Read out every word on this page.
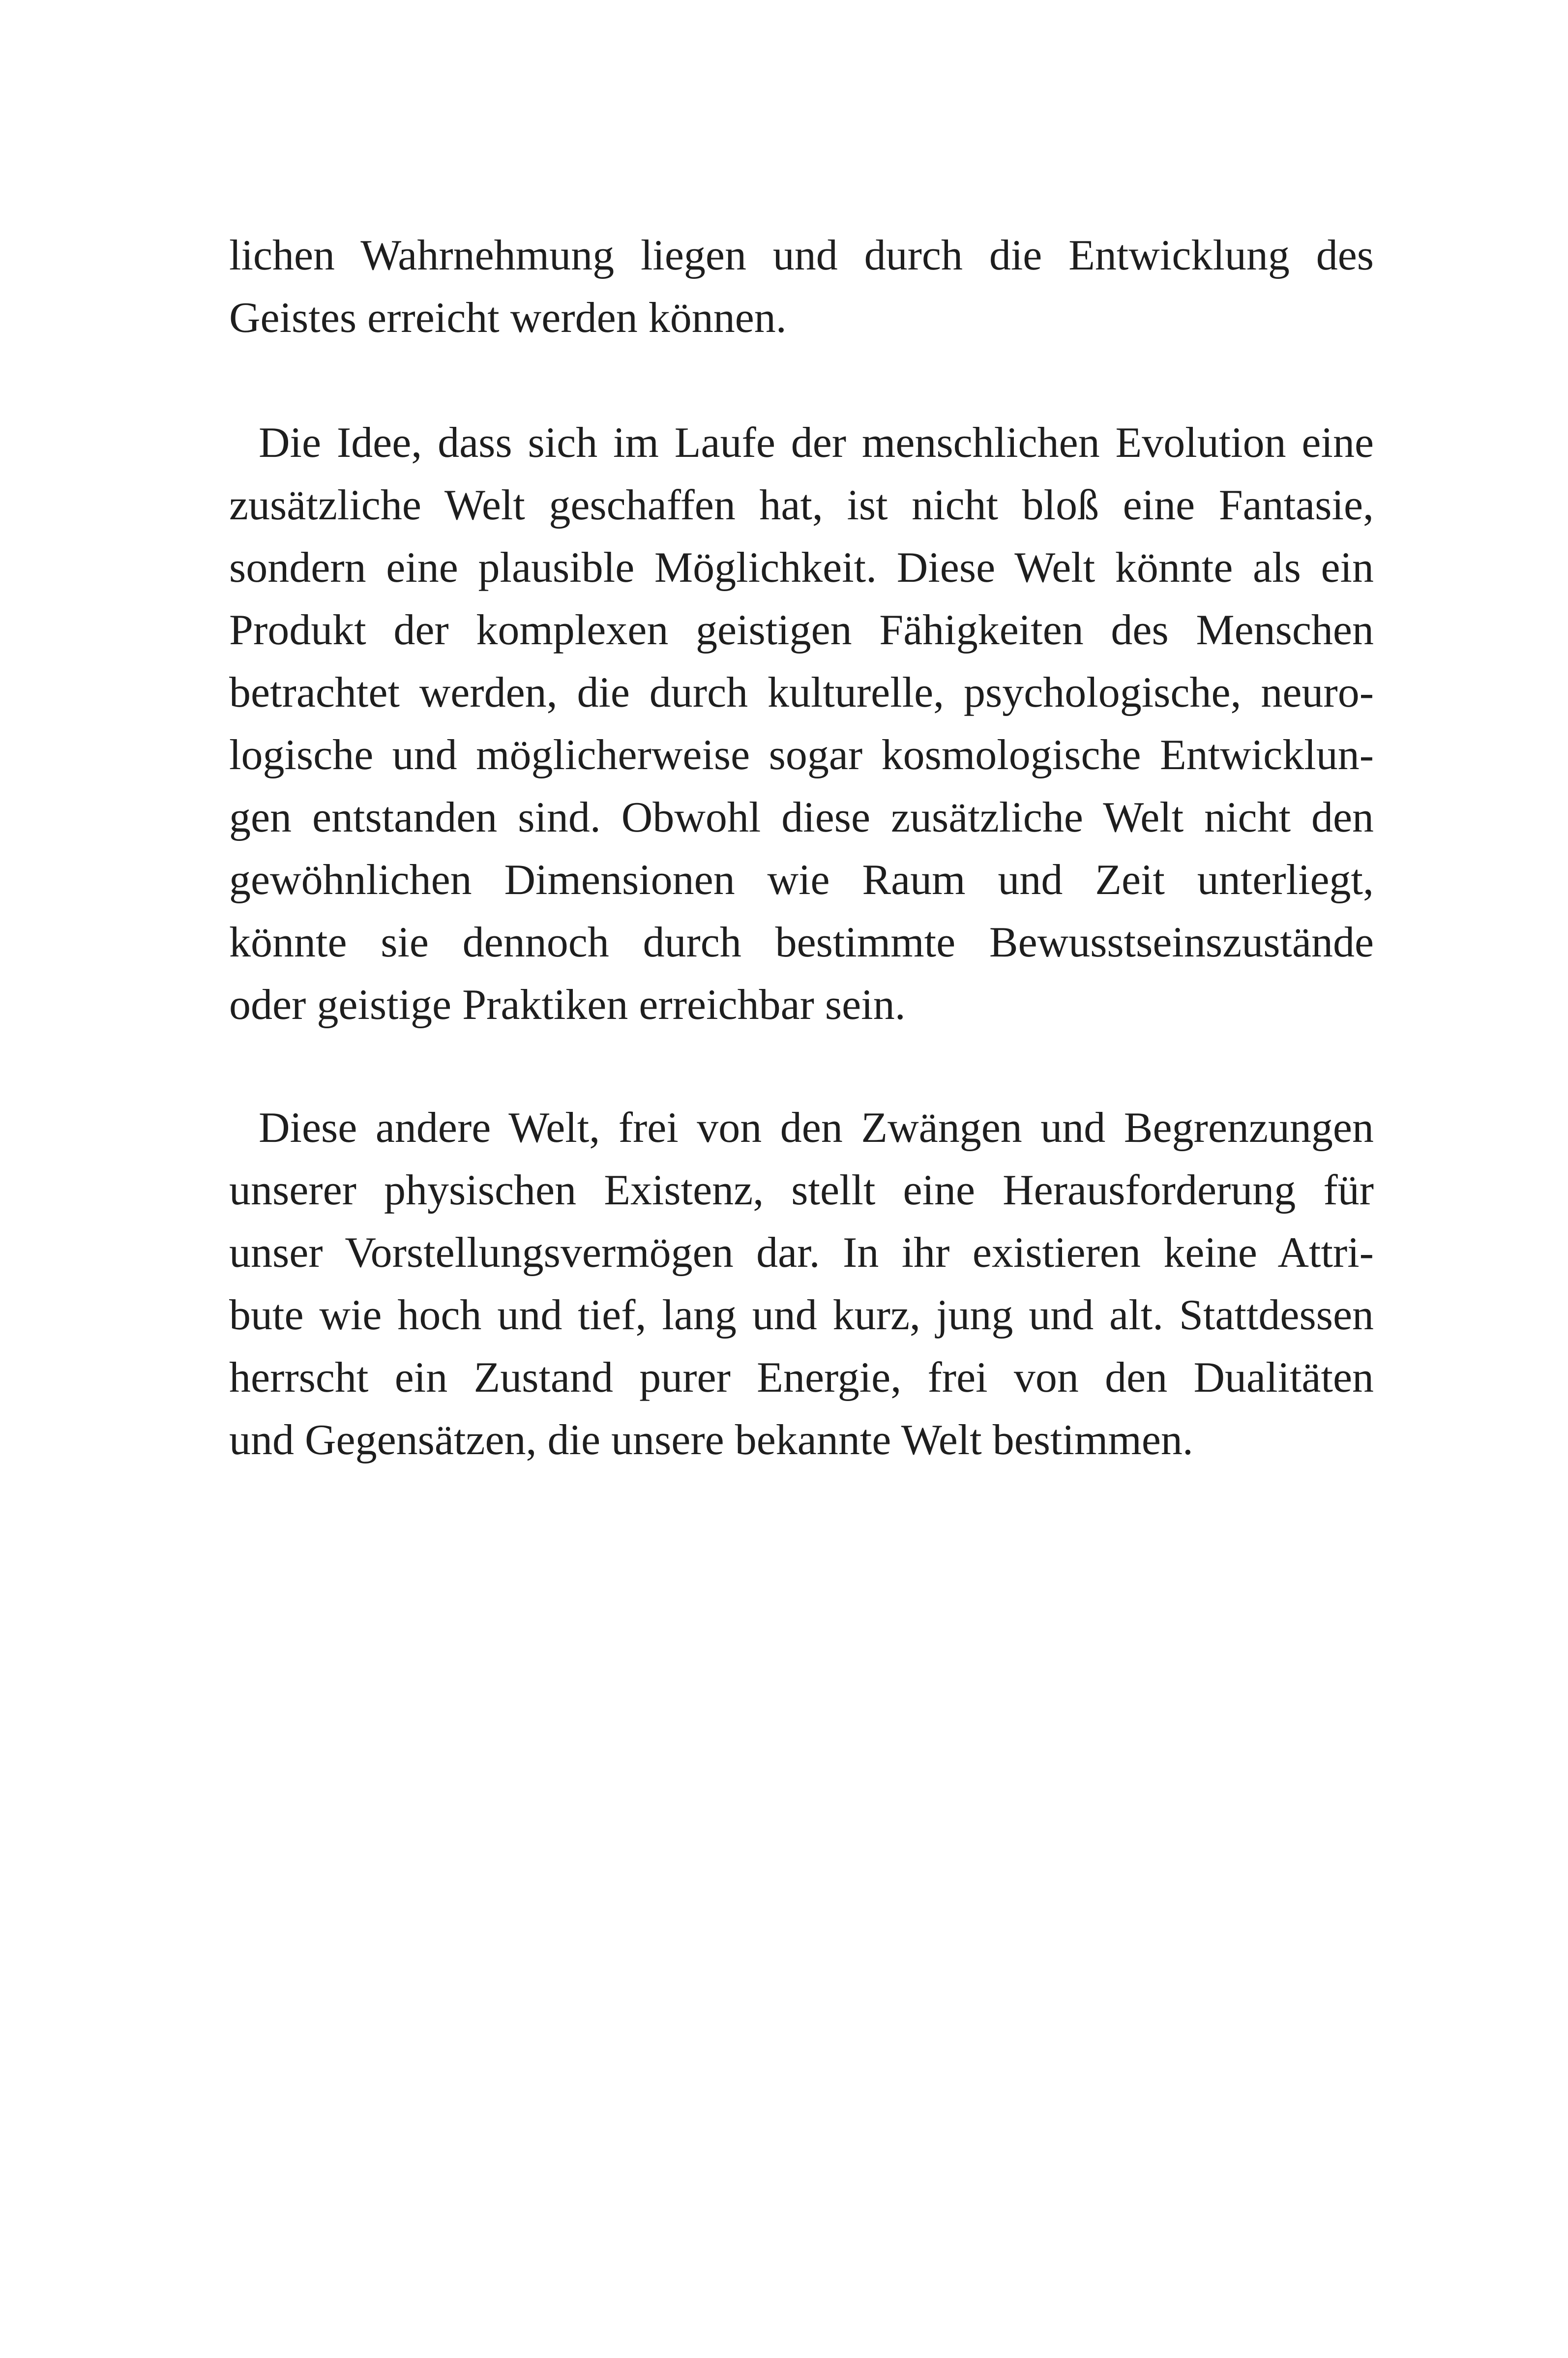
lichen Wahrnehmung liegen und durch die Entwicklung des
Geistes erreicht werden können.
Die Idee, dass sich im Laufe der menschlichen Evolution eine
zusätzliche Welt geschaffen hat, ist nicht bloß eine Fantasie,
sondern eine plausible Möglichkeit. Diese Welt könnte als ein
Produkt der komplexen geistigen Fähigkeiten des Menschen
betrachtet werden, die durch kulturelle, psychologische, neuro-
logische und möglicherweise sogar kosmologische Entwicklun-
gen entstanden sind. Obwohl diese zusätzliche Welt nicht den
gewöhnlichen Dimensionen wie Raum und Zeit unterliegt,
könnte sie dennoch durch bestimmte Bewusstseinszustände
oder geistige Praktiken erreichbar sein.
Diese andere Welt, frei von den Zwängen und Begrenzungen
unserer physischen Existenz, stellt eine Herausforderung für
unser Vorstellungsvermögen dar. In ihr existieren keine Attri-
bute wie hoch und tief, lang und kurz, jung und alt. Stattdessen
herrscht ein Zustand purer Energie, frei von den Dualitäten
und Gegensätzen, die unsere bekannte Welt bestimmen.
